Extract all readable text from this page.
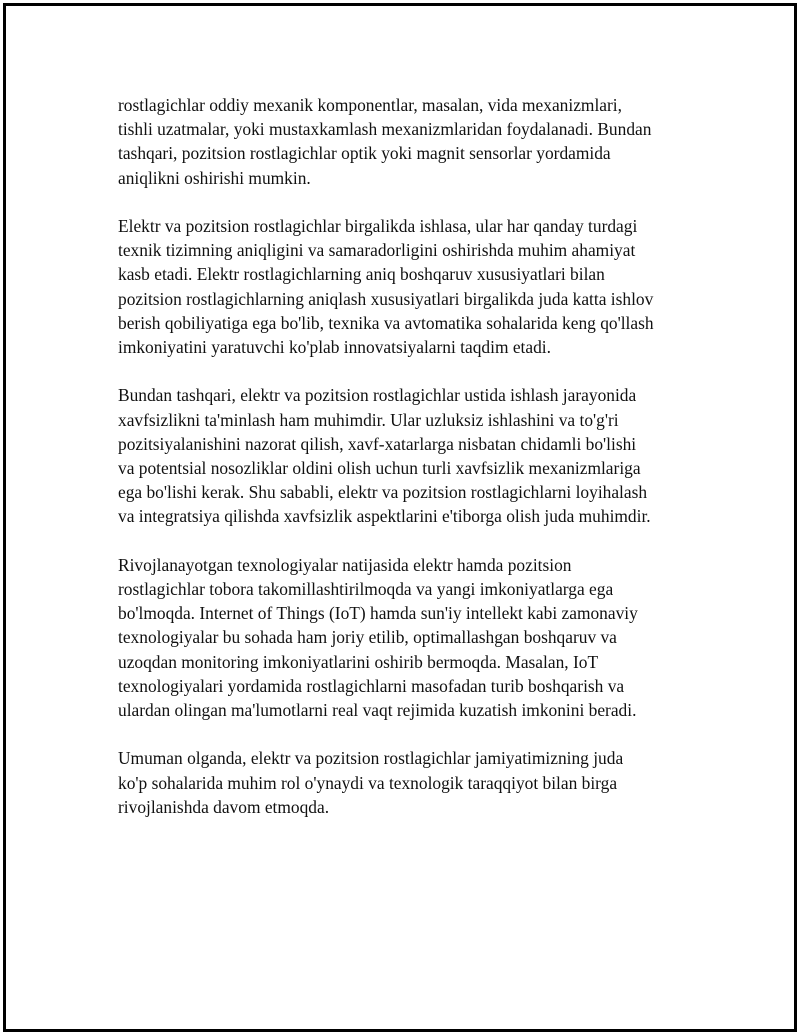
rostlagichlar oddiy mexanik komponentlar, masalan, vida mexanizmlari,
tishli uzatmalar, yoki mustaxkamlash mexanizmlaridan foydalanadi. Bundan
tashqari, pozitsion rostlagichlar optik yoki magnit sensorlar yordamida
aniqlikni oshirishi mumkin.
Elektr va pozitsion rostlagichlar birgalikda ishlasa, ular har qanday turdagi
texnik tizimning aniqligini va samaradorligini oshirishda muhim ahamiyat
kasb etadi. Elektr rostlagichlarning aniq boshqaruv xususiyatlari bilan
pozitsion rostlagichlarning aniqlash xususiyatlari birgalikda juda katta ishlov
berish qobiliyatiga ega bo'lib, texnika va avtomatika sohalarida keng qo'llash
imkoniyatini yaratuvchi ko'plab innovatsiyalarni taqdim etadi.
Bundan tashqari, elektr va pozitsion rostlagichlar ustida ishlash jarayonida
xavfsizlikni ta'minlash ham muhimdir. Ular uzluksiz ishlashini va to'g'ri
pozitsiyalanishini nazorat qilish, xavf-xatarlarga nisbatan chidamli bo'lishi
va potentsial nosozliklar oldini olish uchun turli xavfsizlik mexanizmlariga
ega bo'lishi kerak. Shu sababli, elektr va pozitsion rostlagichlarni loyihalash
va integratsiya qilishda xavfsizlik aspektlarini e'tiborga olish juda muhimdir.
Rivojlanayotgan texnologiyalar natijasida elektr hamda pozitsion
rostlagichlar tobora takomillashtirilmoqda va yangi imkoniyatlarga ega
bo'lmoqda. Internet of Things (IoT) hamda sun'iy intellekt kabi zamonaviy
texnologiyalar bu sohada ham joriy etilib, optimallashgan boshqaruv va
uzoqdan monitoring imkoniyatlarini oshirib bermoqda. Masalan, IoT
texnologiyalari yordamida rostlagichlarni masofadan turib boshqarish va
ulardan olingan ma'lumotlarni real vaqt rejimida kuzatish imkonini beradi.
Umuman olganda, elektr va pozitsion rostlagichlar jamiyatimizning juda
ko'p sohalarida muhim rol o'ynaydi va texnologik taraqqiyot bilan birga
rivojlanishda davom etmoqda.
